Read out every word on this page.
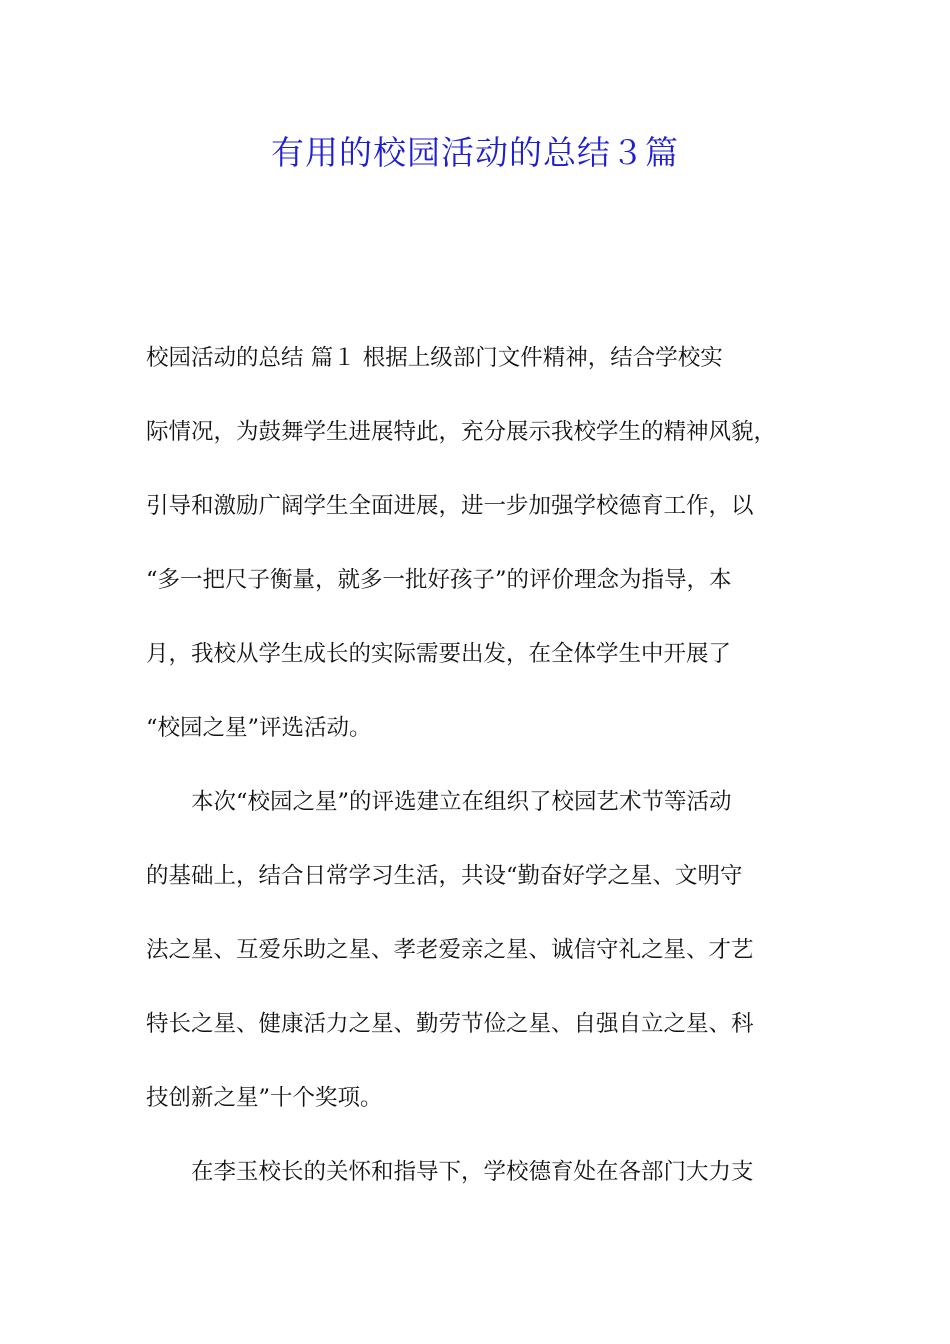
有用的校园活动的总结３篇
校园活动的总结 篇１ 根据上级部门文件精神，结合学校实
际情况，为鼓舞学生进展特此，充分展示我校学生的精神风貌，
引导和激励广阔学生全面进展，进一步加强学校德育工作，以
“多一把尺子衡量，就多一批好孩子”的评价理念为指导，本
月，我校从学生成长的实际需要出发，在全体学生中开展了
“校园之星”评选活动。
本次“校园之星”的评选建立在组织了校园艺术节等活动
的基础上，结合日常学习生活，共设“勤奋好学之星、文明守
法之星、互爱乐助之星、孝老爱亲之星、诚信守礼之星、才艺
特长之星、健康活力之星、勤劳节俭之星、自强自立之星、科
技创新之星”十个奖项。
在李玉校长的关怀和指导下，学校德育处在各部门大力支
